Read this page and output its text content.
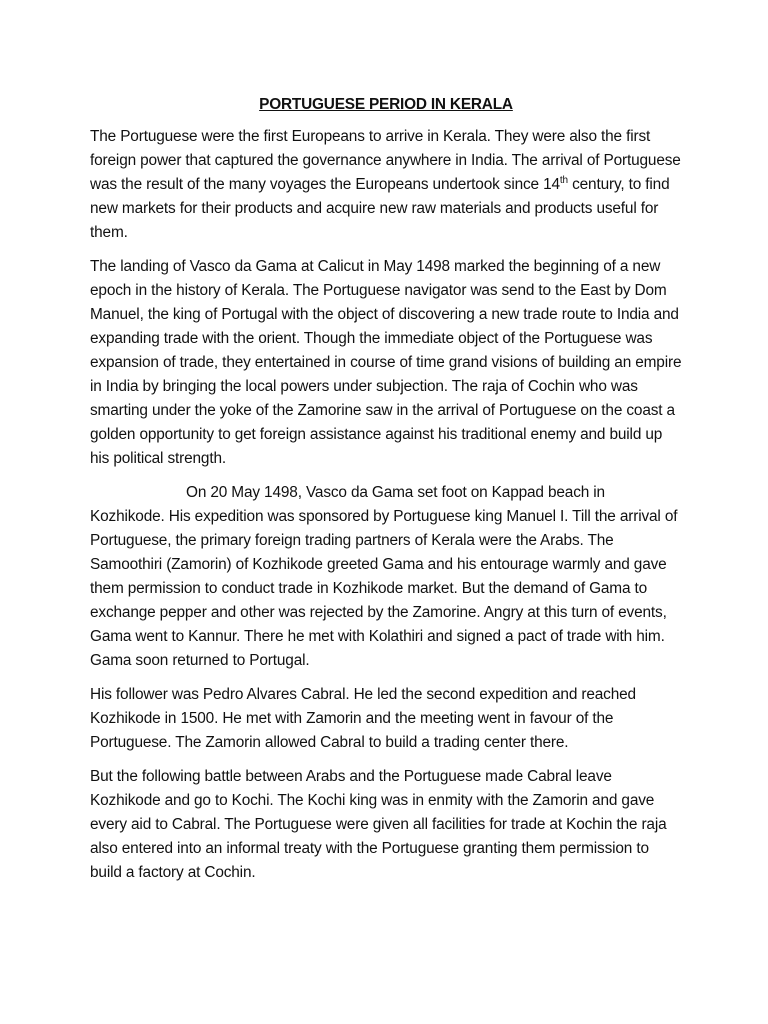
PORTUGUESE PERIOD IN KERALA

The Portuguese were the first Europeans to arrive in Kerala. They were also the first foreign power that captured the governance anywhere in India. The arrival of Portuguese was the result of the many voyages the Europeans undertook since 14th century, to find new markets for their products and acquire new raw materials and products useful for them.

The landing of Vasco da Gama at Calicut in May 1498 marked the beginning of a new epoch in the history of Kerala. The Portuguese navigator was send to the East by Dom Manuel, the king of Portugal with the object of discovering a new trade route to India and expanding trade with the orient. Though the immediate object of the Portuguese was expansion of trade, they entertained in course of time grand visions of building an empire in India by bringing the local powers under subjection. The raja of Cochin who was smarting under the yoke of the Zamorine saw in the arrival of Portuguese on the coast a golden opportunity to get foreign assistance against his traditional enemy and build up his political strength.

On 20 May 1498, Vasco da Gama set foot on Kappad beach in Kozhikode. His expedition was sponsored by Portuguese king Manuel I. Till the arrival of Portuguese, the primary foreign trading partners of Kerala were the Arabs. The Samoothiri (Zamorin) of Kozhikode greeted Gama and his entourage warmly and gave them permission to conduct trade in Kozhikode market. But the demand of Gama to exchange pepper and other was rejected by the Zamorine. Angry at this turn of events, Gama went to Kannur. There he met with Kolathiri and signed a pact of trade with him. Gama soon returned to Portugal.

His follower was Pedro Alvares Cabral. He led the second expedition and reached Kozhikode in 1500. He met with Zamorin and the meeting went in favour of the Portuguese. The Zamorin allowed Cabral to build a trading center there.

But the following battle between Arabs and the Portuguese made Cabral leave Kozhikode and go to Kochi. The Kochi king was in enmity with the Zamorin and gave every aid to Cabral. The Portuguese were given all facilities for trade at Kochin the raja also entered into an informal treaty with the Portuguese granting them permission to build a factory at Cochin.
